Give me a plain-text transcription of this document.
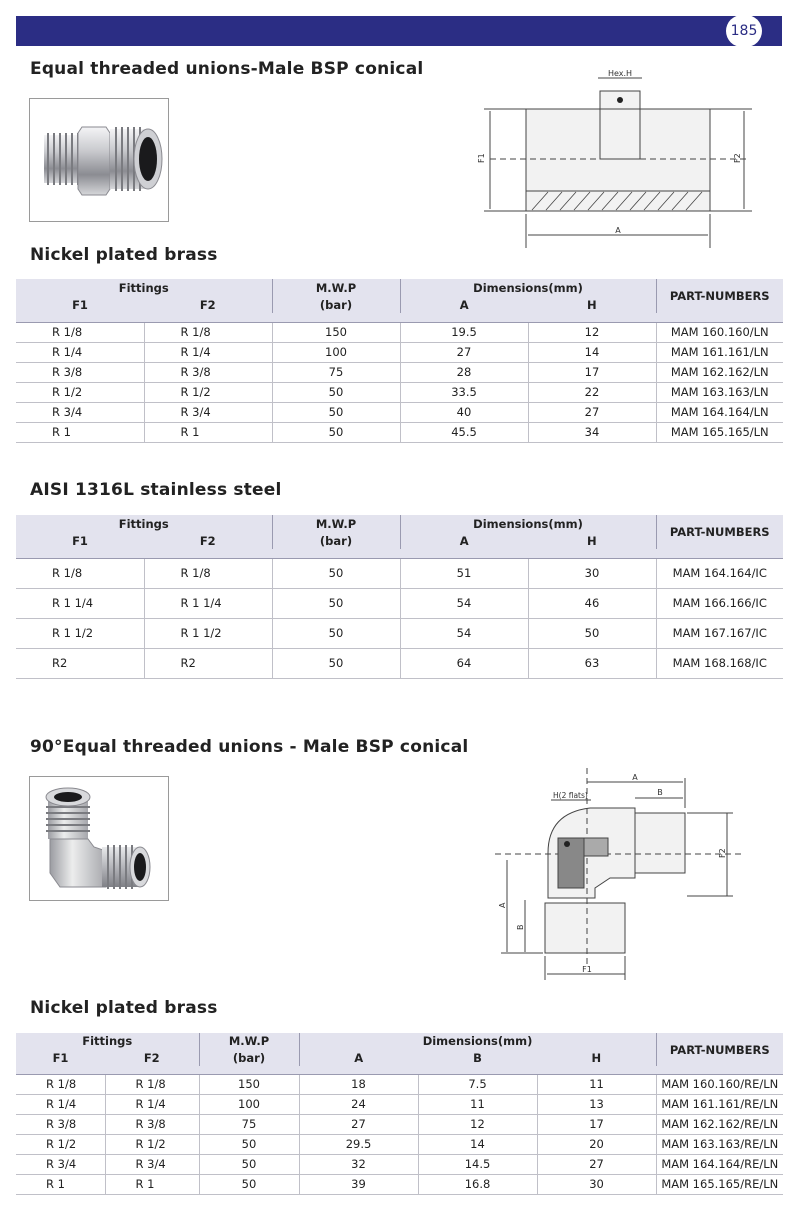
185
Equal threaded unions-Male BSP conical	Hex.H
F1	F2
A
Nickel plated brass
Fittings		M.W.P	Dimensions(mm)		PART-NUMBERS
F1	F2	(bar)	A	H	

R 1/8	R 1/8	150	19.5	12	MAM 160.160/LN
R 1/4	R 1/4	100	27	14	MAM 161.161/LN
R 3/8	R 3/8	75	28	17	MAM 162.162/LN
R 1/2	R 1/2	50	33.5	22	MAM 163.163/LN
R 3/4	R 3/4	50	40	27	MAM 164.164/LN
R 1	R 1	50	45.5	34	MAM 165.165/LN
AISI 1316L stainless steel
Fittings		M.W.P	Dimensions(mm)		PART-NUMBERS
F1	F2	(bar)	A	H	

R 1/8	R 1/8	50	51	30	MAM 164.164/IC
R 1 1/4	R 1 1/4	50	54	46	MAM 166.166/IC
R 1 1/2	R 1 1/2	50	54	50	MAM 167.167/IC
R2	R2	50	64	63	MAM 168.168/IC
90°Equal threaded unions - Male BSP conical
H(2 flats)
A
B
F2
A
B
F1
Nickel plated brass
Fittings		M.W.P	Dimensions(mm)			PART-NUMBERS
F1	F2	(bar)	A	B	H	

R 1/8	R 1/8	150	18	7.5	11	MAM 160.160/RE/LN
R 1/4	R 1/4	100	24	11	13	MAM 161.161/RE/LN
R 3/8	R 3/8	75	27	12	17	MAM 162.162/RE/LN
R 1/2	R 1/2	50	29.5	14	20	MAM 163.163/RE/LN
R 3/4	R 3/4	50	32	14.5	27	MAM 164.164/RE/LN
R 1	R 1	50	39	16.8	30	MAM 165.165/RE/LN
